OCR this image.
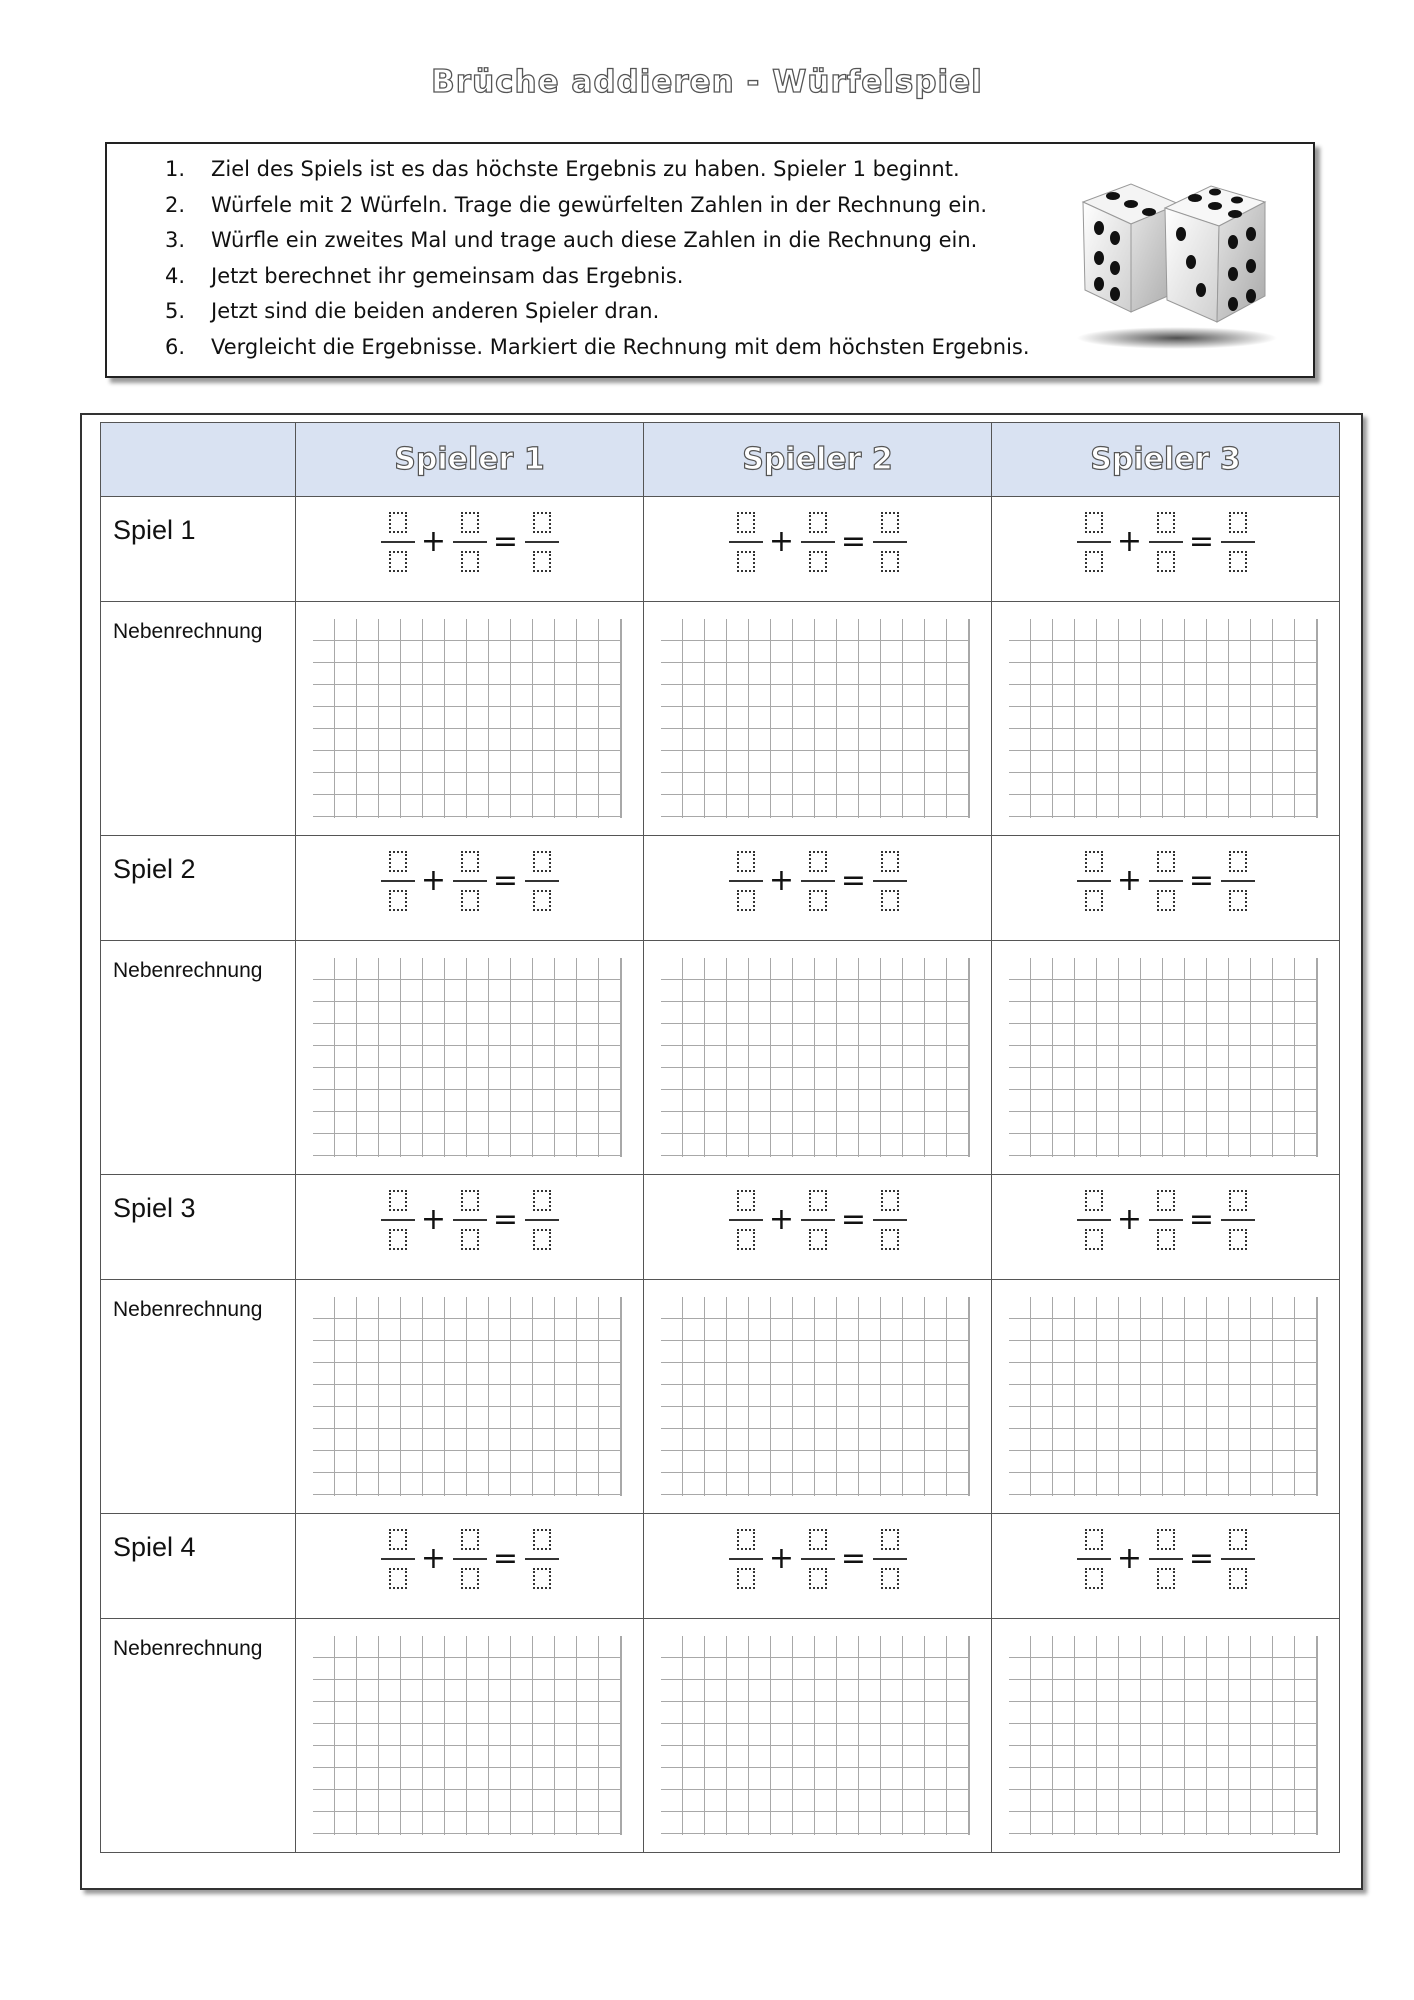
Brüche addieren - Würfelspiel
1. Ziel des Spiels ist es das höchste Ergebnis zu haben. Spieler 1 beginnt.
2. Würfele mit 2 Würfeln. Trage die gewürfelten Zahlen in der Rechnung ein.
3. Würfle ein zweites Mal und trage auch diese Zahlen in die Rechnung ein.
4. Jetzt berechnet ihr gemeinsam das Ergebnis.
5. Jetzt sind die beiden anderen Spieler dran.
6. Vergleicht die Ergebnisse. Markiert die Rechnung mit dem höchsten Ergebnis.
	Spieler 1	Spieler 2	Spieler 3

Spiel 1	+ =	+ =	+ =

Nebenrechnung			

Spiel 2	+ =	+ =	+ =

Nebenrechnung			

Spiel 3	+ =	+ =	+ =

Nebenrechnung			

Spiel 4	+ =	+ =	+ =

Nebenrechnung			
